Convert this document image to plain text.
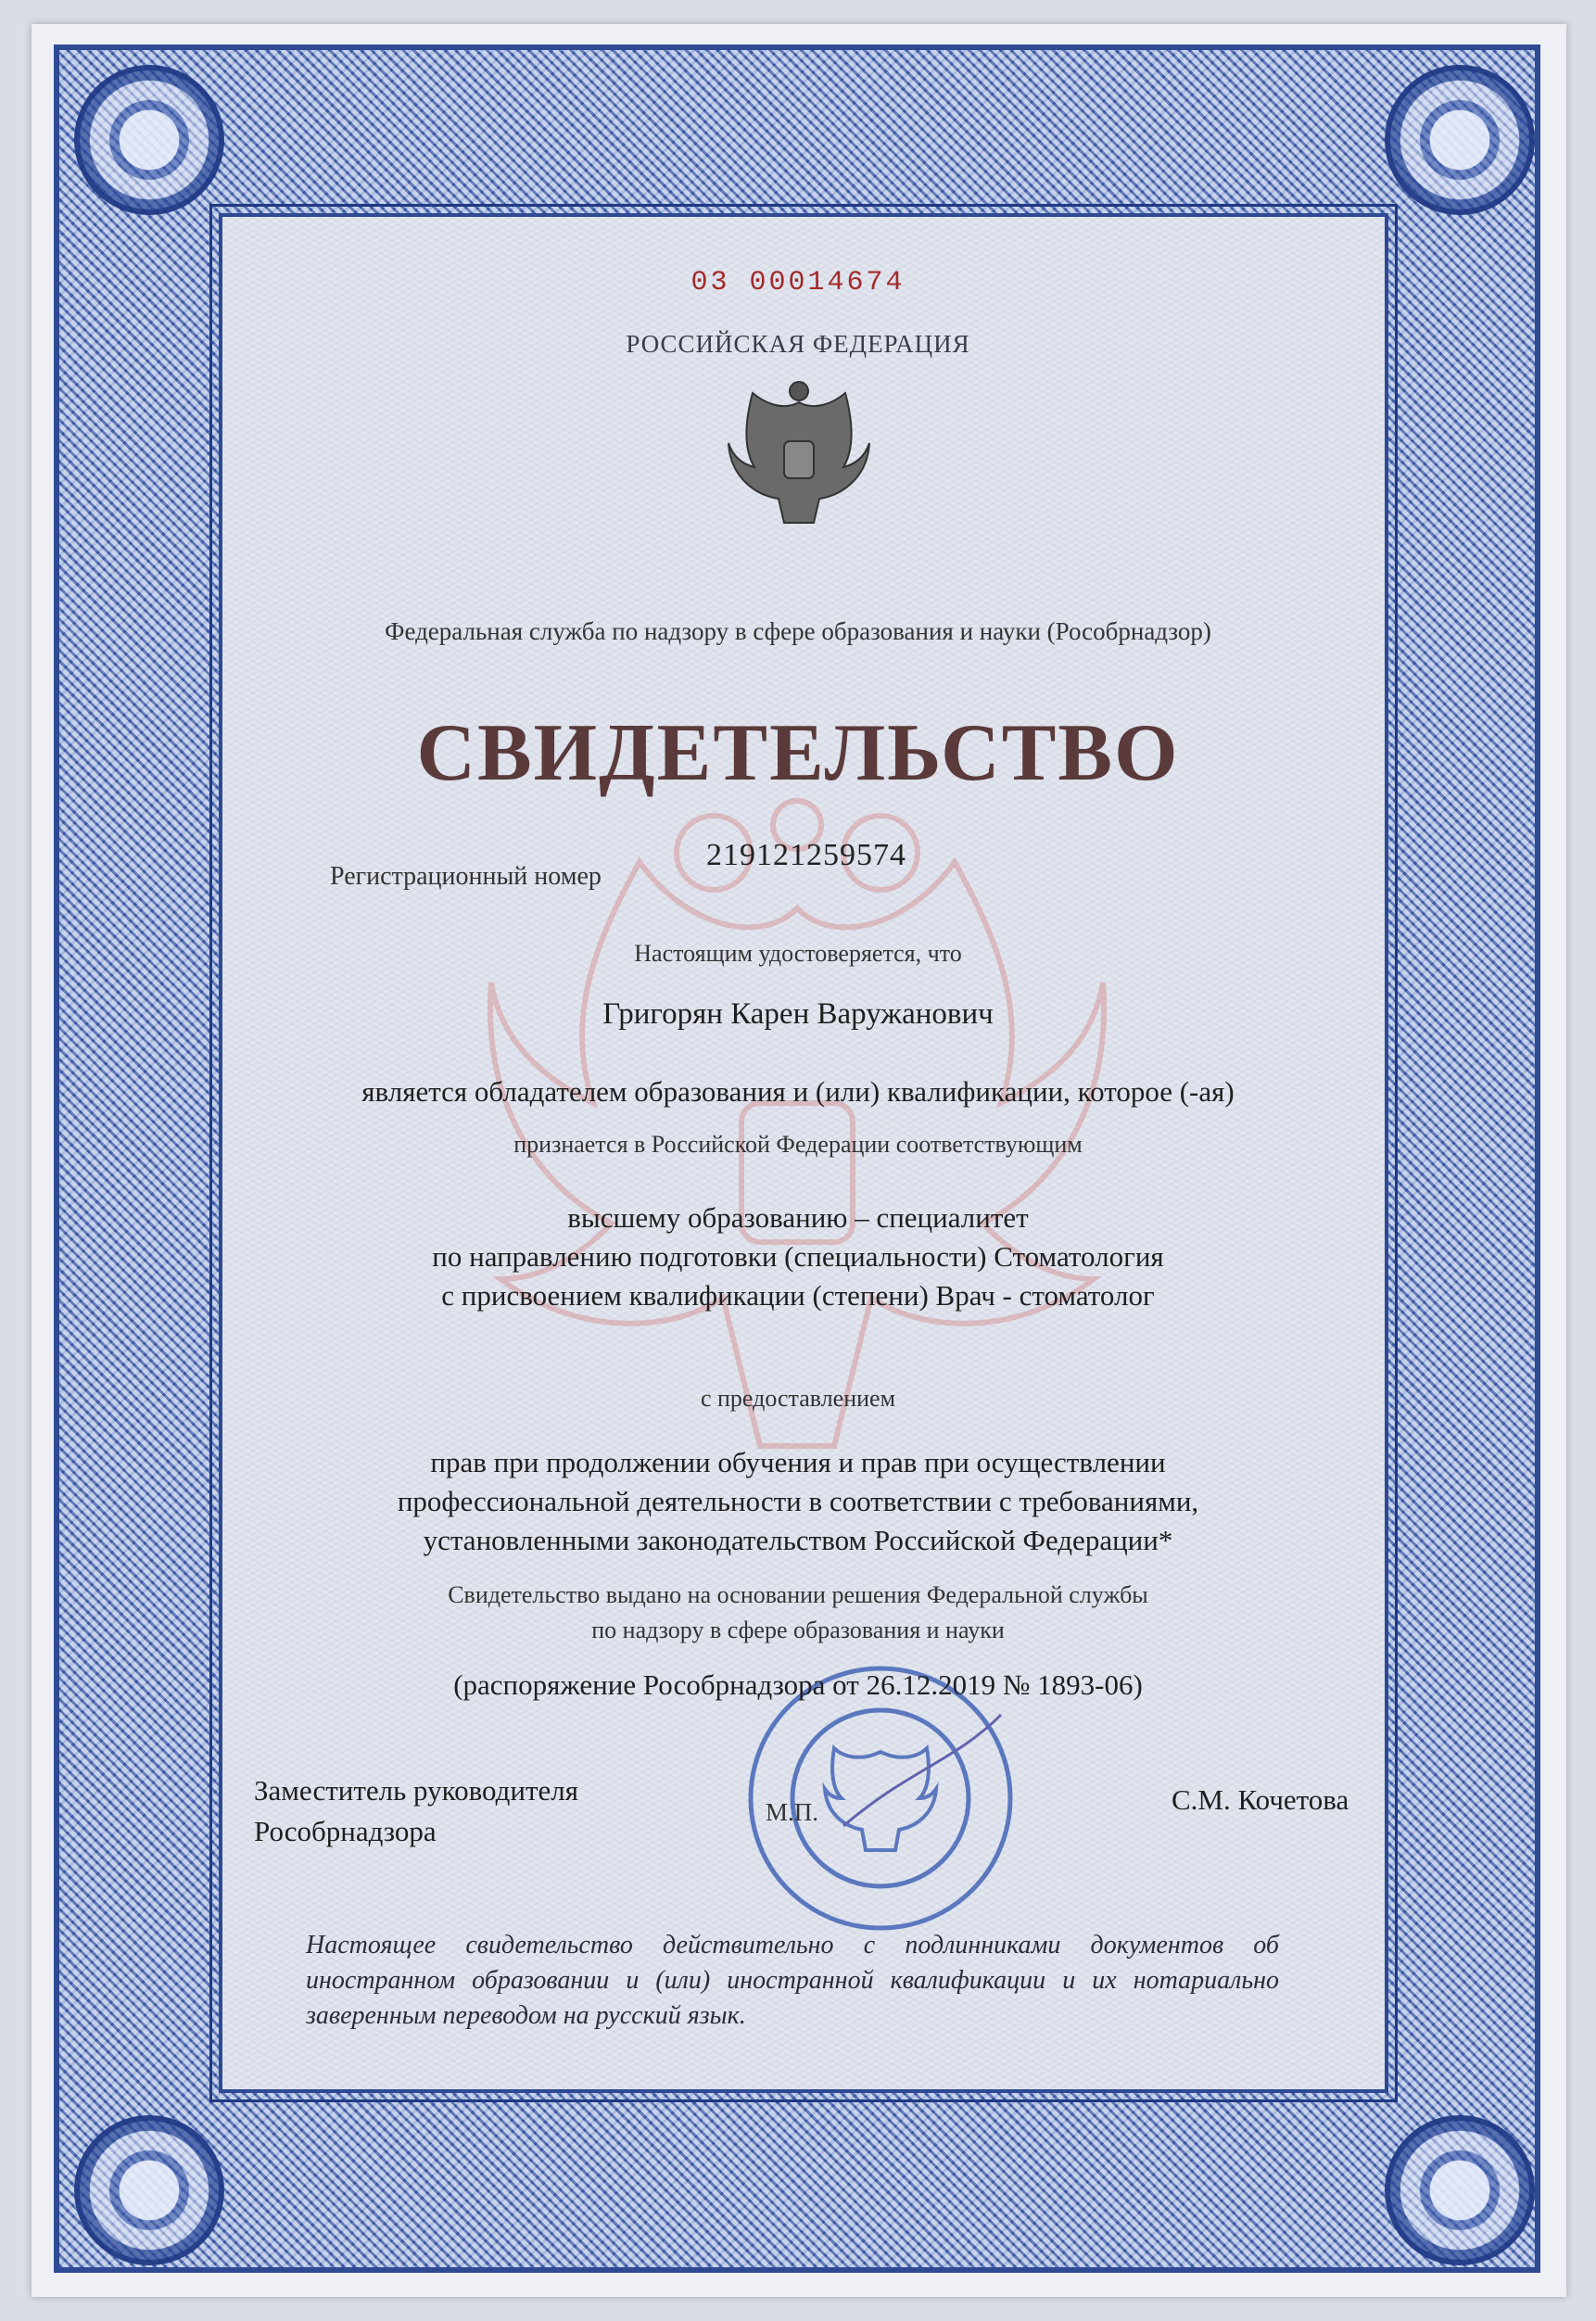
03 00014674
РОССИЙСКАЯ ФЕДЕРАЦИЯ
Федеральная служба по надзору в сфере образования и науки (Рособрнадзор)
СВИДЕТЕЛЬСТВО
Регистрационный номер
219121259574
Настоящим удостоверяется, что
Григорян Карен Варужанович
является обладателем образования и (или) квалификации, которое (-ая)
признается в Российской Федерации соответствующим
высшему образованию – специалитет
по направлению подготовки (специальности) Стоматология
с присвоением квалификации (степени) Врач - стоматолог
с предоставлением
прав при продолжении обучения и прав при осуществлении
профессиональной деятельности в соответствии с требованиями,
установленными законодательством Российской Федерации*
Свидетельство выдано на основании решения Федеральной службы
по надзору в сфере образования и науки
(распоряжение Рособрнадзора от 26.12.2019 № 1893-06)
Заместитель руководителя
Рособрнадзора
М.П.	С.М. Кочетова
Настоящее свидетельство действительно с подлинниками документов об иностранном образовании и (или) иностранной квалификации и их нотариально заверенным переводом на русский язык.
